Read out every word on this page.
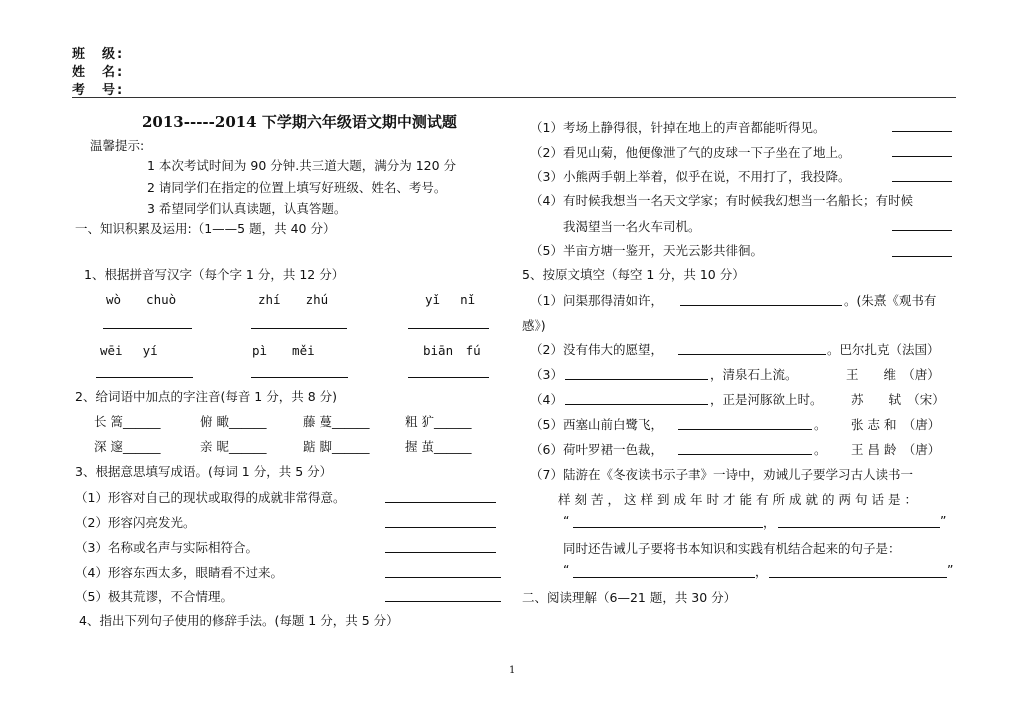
班　级:
姓　名:
考　号:
2013-----2014 下学期六年级语文期中测试题
温馨提示:
1 本次考试时间为 90 分钟.共三道大题，满分为 120 分
2 请同学们在指定的位置上填写好班级、姓名、考号。
3 希望同学们认真读题，认真答题。
一、知识积累及运用:（1——5 题，共 40 分）
1、根据拼音写汉字（每个字 1 分，共 12 分）
wò　　chuò	zhí　　zhú	yǐ　 nǐ
wēi　 yí	pì　　měi	biān　fú
2、给词语中加点的字注音(每音 1 分，共 8 分)
长 篙______	俯 瞰______	藤 蔓______	粗 犷______
深 邃______	亲 昵______	踮 脚______	握 茧______
3、根据意思填写成语。(每词 1 分，共 5 分）
（1）形容对自己的现状或取得的成就非常得意。
（2）形容闪亮发光。
（3）名称或名声与实际相符合。
（4）形容东西太多，眼睛看不过来。
（5）极其荒谬，不合情理。
4、指出下列句子使用的修辞手法。(每题 1 分，共 5 分）
（1）考场上静得很，针掉在地上的声音都能听得见。
（2）看见山菊，他便像泄了气的皮球一下子坐在了地上。
（3）小熊两手朝上举着，似乎在说，不用打了，我投降。
（4）有时候我想当一名天文学家；有时候我幻想当一名船长；有时候
我渴望当一名火车司机。
（5）半亩方塘一鉴开，天光云影共徘徊。
5、按原文填空（每空 1 分，共 10 分）
（1）问渠那得清如许，	。(朱熹《观书有
感》)
（2）没有伟大的愿望，	。巴尔扎克（法国）
（3）	，清泉石上流。	王　　维　（唐）
（4）	，正是河豚欲上时。 苏　　轼　（宋）
（5）西塞山前白鹭飞，	。 张 志 和　（唐）
（6）荷叶罗裙一色裁，	。 王 昌 龄　（唐）
（7）陆游在《冬夜读书示子聿》一诗中，劝诫儿子要学习古人读书一
样刻苦，这样到成年时才能有所成就的两句话是：
“	，	”
同时还告诫儿子要将书本知识和实践有机结合起来的句子是：
“	，	”
二、阅读理解（6—21 题，共 30 分）
1
